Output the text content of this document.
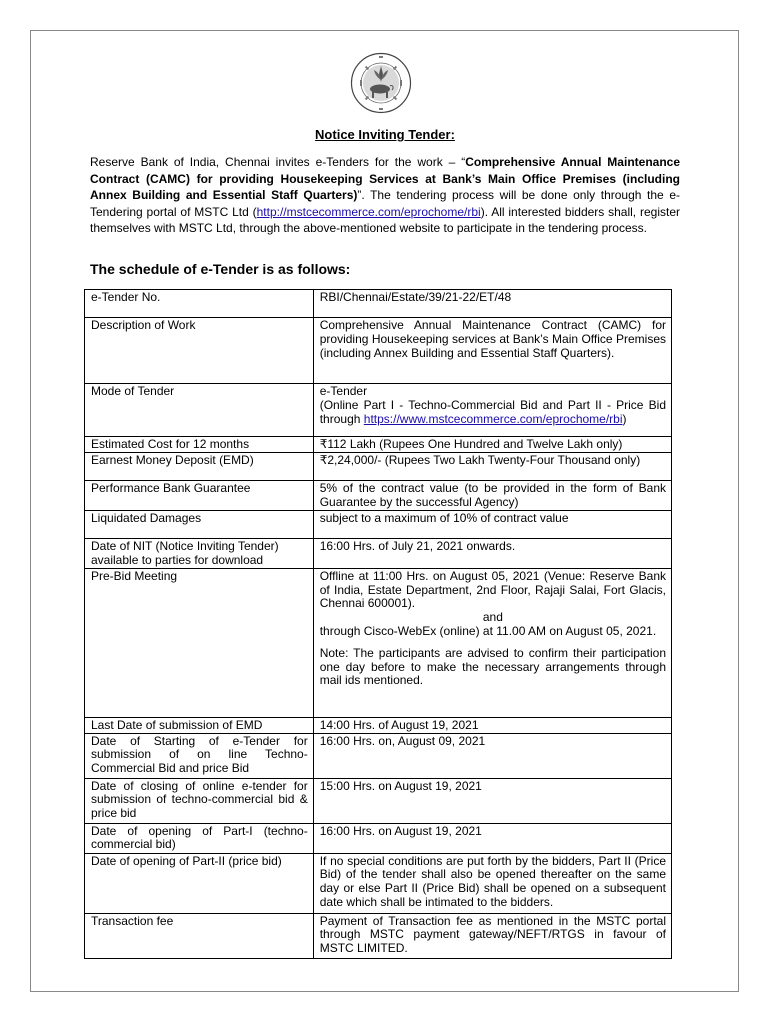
Notice Inviting Tender:
Reserve Bank of India, Chennai invites e-Tenders for the work – “Comprehensive Annual Maintenance Contract (CAMC) for providing Housekeeping Services at Bank’s Main Office Premises (including Annex Building and Essential Staff Quarters)”. The tendering process will be done only through the e-Tendering portal of MSTC Ltd (http://mstcecommerce.com/eprochome/rbi). All interested bidders shall, register themselves with MSTC Ltd, through the above-mentioned website to participate in the tendering process.
The schedule of e-Tender is as follows:
e-Tender No.	RBI/Chennai/Estate/39/21-22/ET/48
Description of Work	Comprehensive Annual Maintenance Contract (CAMC) for providing Housekeeping services at Bank’s Main Office Premises (including Annex Building and Essential Staff Quarters).
Mode of Tender	e-Tender
(Online Part I - Techno-Commercial Bid and Part II - Price Bid through https://www.mstcecommerce.com/eprochome/rbi)
Estimated Cost for 12 months	₹112 Lakh (Rupees One Hundred and Twelve Lakh only)
Earnest Money Deposit (EMD)	₹2,24,000/- (Rupees Two Lakh Twenty-Four Thousand only)
Performance Bank Guarantee	5% of the contract value (to be provided in the form of Bank Guarantee by the successful Agency)
Liquidated Damages	subject to a maximum of 10% of contract value
Date of NIT (Notice Inviting Tender) available to parties for download	16:00 Hrs. of July 21, 2021 onwards.
Pre-Bid Meeting	Offline at 11:00 Hrs. on August 05, 2021 (Venue: Reserve Bank of India, Estate Department, 2nd Floor, Rajaji Salai, Fort Glacis, Chennai 600001).
and
through Cisco-WebEx (online) at 11.00 AM on August 05, 2021.
Note: The participants are advised to confirm their participation one day before to make the necessary arrangements through mail ids mentioned.
Last Date of submission of EMD	14:00 Hrs. of August 19, 2021
Date of Starting of e-Tender for submission of on line Techno-Commercial Bid and price Bid	16:00 Hrs. on, August 09, 2021
Date of closing of online e-tender for submission of techno-commercial bid & price bid	15:00 Hrs. on August 19, 2021
Date of opening of Part-I (techno-commercial bid)	16:00 Hrs. on August 19, 2021
Date of opening of Part-II (price bid)	If no special conditions are put forth by the bidders, Part II (Price Bid) of the tender shall also be opened thereafter on the same day or else Part II (Price Bid) shall be opened on a subsequent date which shall be intimated to the bidders.
Transaction fee	Payment of Transaction fee as mentioned in the MSTC portal through MSTC payment gateway/NEFT/RTGS in favour of MSTC LIMITED.
